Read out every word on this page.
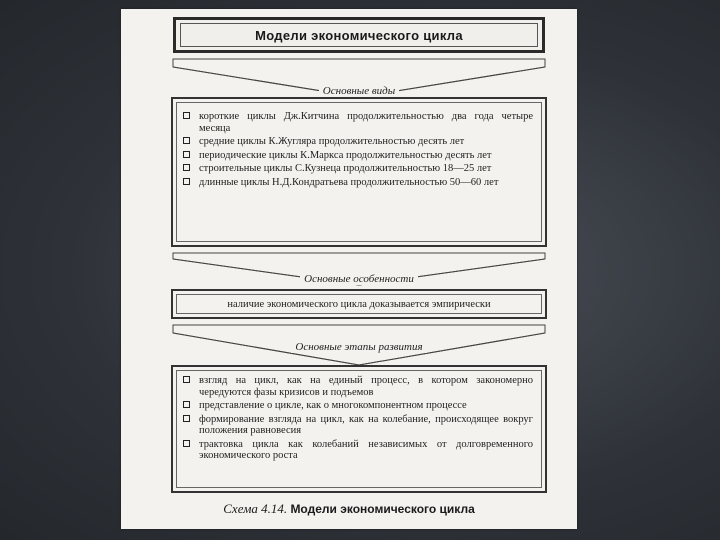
Модели экономического цикла
Основные виды
короткие циклы Дж.Китчина продолжительностью два года четыре месяца
средние циклы К.Жугляра продолжительностью десять лет
периодические циклы К.Маркса продолжительностью десять лет
строительные циклы С.Кузнеца продолжительностью 18—25 лет
длинные циклы Н.Д.Кондратьева продолжительностью 50—60 лет
Основные особенности
наличие экономического цикла доказывается эмпирически
Основные этапы развития
взгляд на цикл, как на единый процесс, в котором закономерно чередуются фазы кризисов и подъемов
представление о цикле, как о многокомпонентном процессе
формирование взгляда на цикл, как на колебание, происходящее вокруг положения равновесия
трактовка цикла как колебаний независимых от долговременного экономического роста
Схема 4.14. Модели экономического цикла
